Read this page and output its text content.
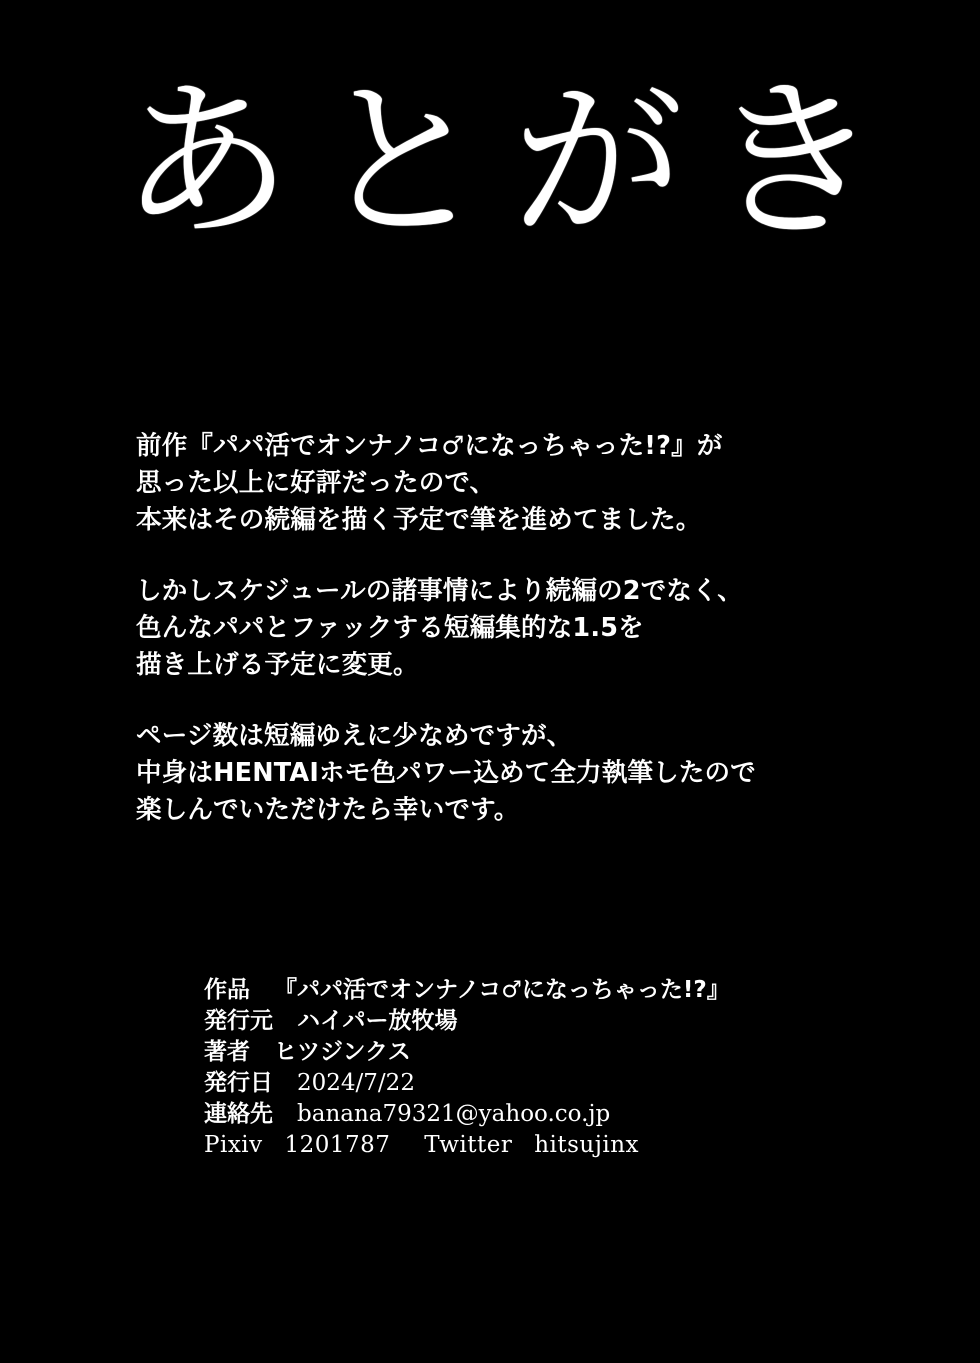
あとがき

前作『パパ活でオンナノコ♂になっちゃった!?』が
思った以上に好評だったので、
本来はその続編を描く予定で筆を進めてました。

しかしスケジュールの諸事情により続編の2でなく、
色んなパパとファックする短編集的な1.5を
描き上げる予定に変更。

ページ数は短編ゆえに少なめですが、
中身はHENTAIホモ色パワー込めて全力執筆したので
楽しんでいただけたら幸いです。

作品 『パパ活でオンナノコ♂になっちゃった!?』
発行元 ハイパー放牧場
著者 ヒツジンクス
発行日 2024/7/22
連絡先 banana79321@yahoo.co.jp
Pixiv 1201787 Twitter hitsujinx
